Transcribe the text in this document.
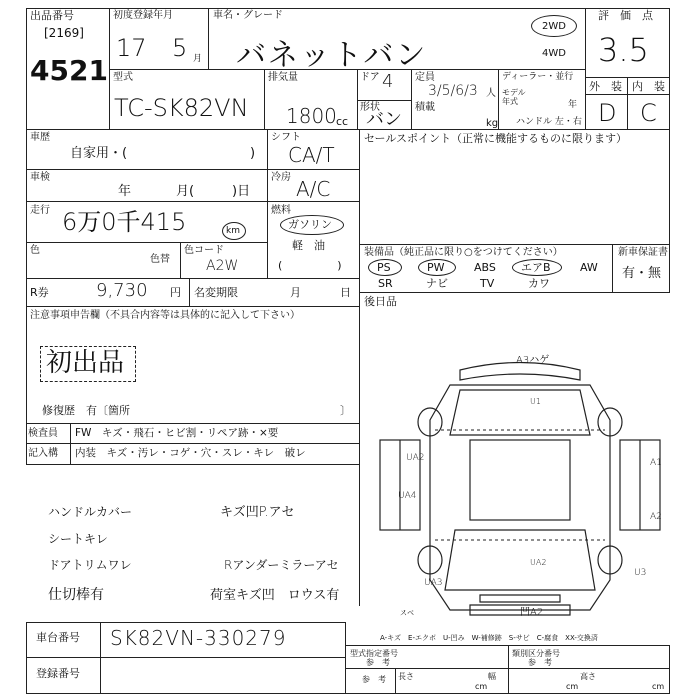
出品番号
[2169]
4521
初度登録年月
17 5 月
車名・グレード
バネットバン
2WD
4WD
評　価　点
3.5
型式
TC-SK82VN
排気量
1800 cc
ドア 4
形状
バン
定員
3/5/6/3 人
積載
kg
ディーラー・並行
モデル年式	年
ハンドル 左・右
外　装 内　装
D C
車歴
自家用・(	)
シフト
CA/T
車検
年	月(	)日
冷房 A/C
走行 6万0千415	km
燃料
ガソリン
軽　油
(　　　　　)
色
色替
色コード
A2W
R券	9,730 円 名変期限	月	日
セールスポイント（正常に機能するものに限ります）
装備品（純正品に限り○をつけてください）	新車保証書
有・無
PS	PW	ABS エアB	AW
SR	ナビ	TV	カワ
後日品
注意事項申告欄（不具合内容等は具体的に記入して下さい）
初出品
修復歴　有〔箇所	〕
検査員
記入構
FW　キズ・飛石・ヒビ割・リペア跡・×要
内装　キズ・汚レ・コゲ・穴・スレ・キレ　破レ
ハンドルカバー
シートキレ
ドアトリムワレ
仕切棒有
キズ凹P.アセ
Rアンダーミラーアセ
荷室キズ凹　ロウス有
A3ハゲ
U1
UA2	A1
UA4
A2
UA2
UA3
U3
スベ	凹A2
車台番号 SK82VN-330279
登録番号
A-キズ　E-エクボ　U-凹み　W-補修跡　S-サビ　C-腐食　XX-交換済
型式指定番号
参　考
類別区分番号
参　考
参　考 長さ
cm
幅
cm
高さ
cm
